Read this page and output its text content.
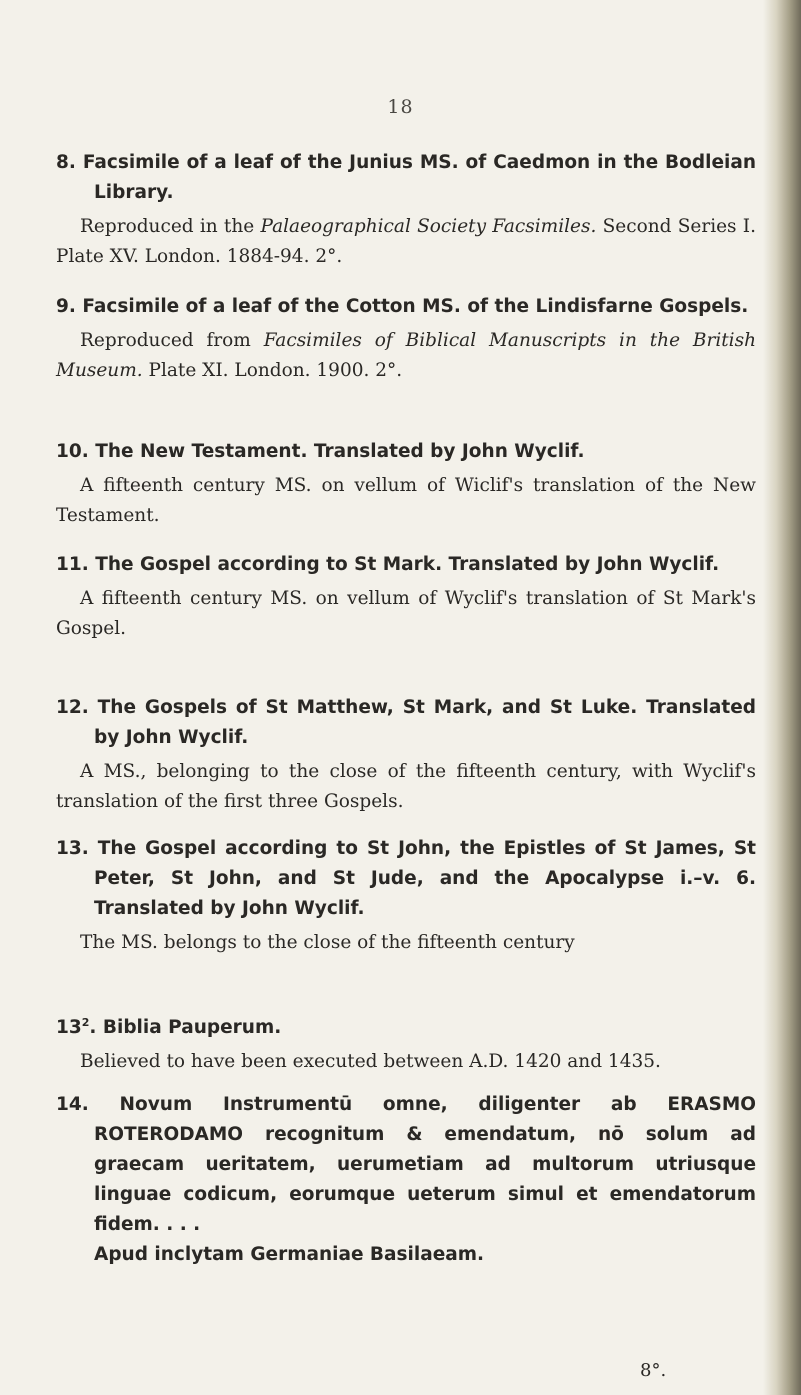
18
8. Facsimile of a leaf of the Junius MS. of Caedmon in the Bodleian Library.
Reproduced in the Palaeographical Society Facsimiles. Second Series I. Plate XV. London. 1884-94. 2°.
9. Facsimile of a leaf of the Cotton MS. of the Lindisfarne Gospels.
Reproduced from Facsimiles of Biblical Manuscripts in the British Museum. Plate XI. London. 1900. 2°.
10. The New Testament. Translated by John Wyclif.
A fifteenth century MS. on vellum of Wiclif's translation of the New Testament.
11. The Gospel according to St Mark. Translated by John Wyclif.
A fifteenth century MS. on vellum of Wyclif's translation of St Mark's Gospel.
12. The Gospels of St Matthew, St Mark, and St Luke. Translated by John Wyclif.
A MS., belonging to the close of the fifteenth century, with Wyclif's translation of the first three Gospels.
13. The Gospel according to St John, the Epistles of St James, St Peter, St John, and St Jude, and the Apocalypse i.–v. 6. Translated by John Wyclif.
The MS. belongs to the close of the fifteenth century
$13^2$. Biblia Pauperum.
Believed to have been executed between A.D. 1420 and 1435.
14. Novum Instrumentū omne, diligenter ab ERASMO ROTERODAMO recognitum & emendatum, nō solum ad graecam ueritatem, uerumetiam ad multorum utriusque linguae codicum, eorumque ueterum simul et emendatorum fidem. . . .
Apud inclytam Germaniae Basilaeam.
8°.
